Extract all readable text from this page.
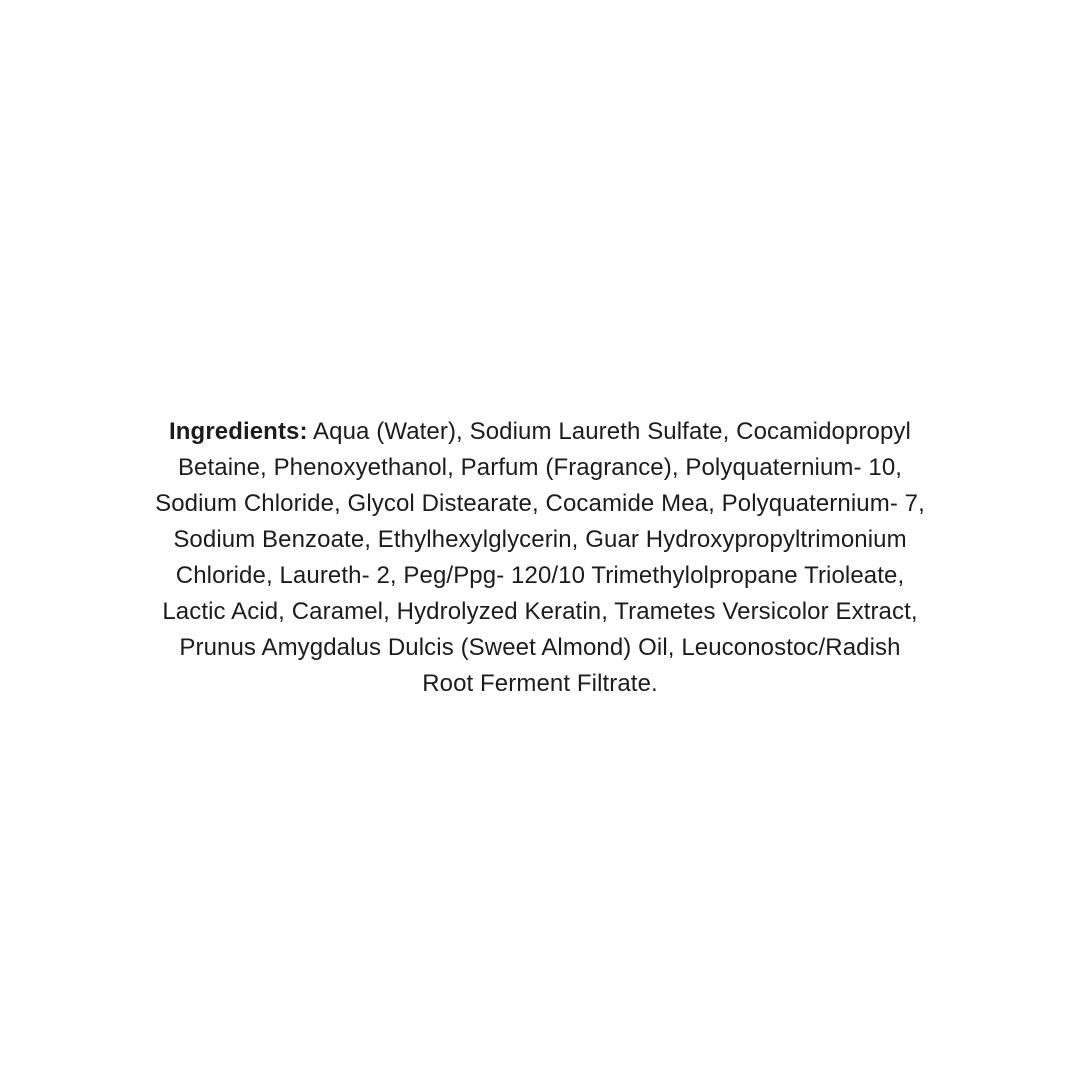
Ingredients: Aqua (Water), Sodium Laureth Sulfate, Cocamidopropyl
Betaine, Phenoxyethanol, Parfum (Fragrance), Polyquaternium- 10,
Sodium Chloride, Glycol Distearate, Cocamide Mea, Polyquaternium- 7,
Sodium Benzoate, Ethylhexylglycerin, Guar Hydroxypropyltrimonium
Chloride, Laureth- 2, Peg/Ppg- 120/10 Trimethylolpropane Trioleate,
Lactic Acid, Caramel, Hydrolyzed Keratin, Trametes Versicolor Extract,
Prunus Amygdalus Dulcis (Sweet Almond) Oil, Leuconostoc/Radish
Root Ferment Filtrate.
